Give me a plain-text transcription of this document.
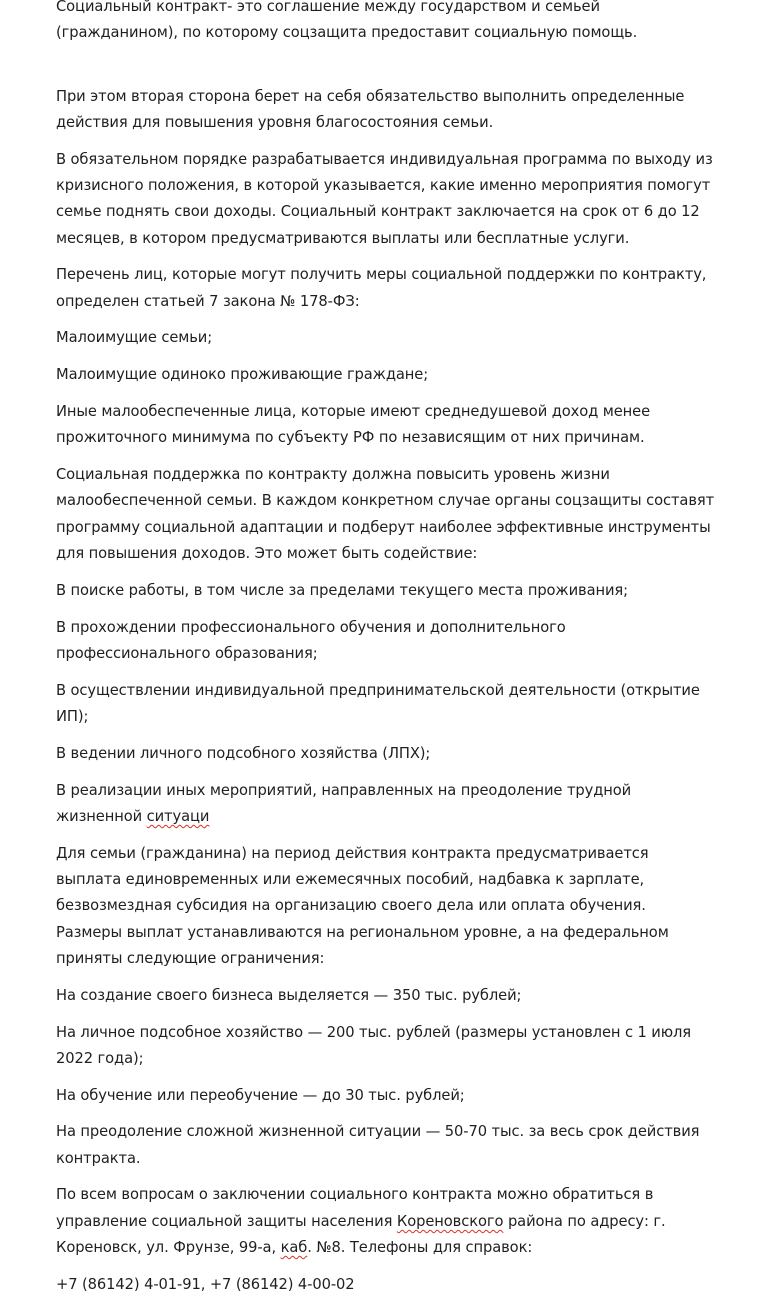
Социальный контракт- это соглашение между государством и семьей (гражданином), по которому соцзащита предоставит социальную помощь.

При этом вторая сторона берет на себя обязательство выполнить определенные действия для повышения уровня благосостояния семьи.

В обязательном порядке разрабатывается индивидуальная программа по выходу из кризисного положения, в которой указывается, какие именно мероприятия помогут семье поднять свои доходы. Социальный контракт заключается на срок от 6 до 12 месяцев, в котором предусматриваются выплаты или бесплатные услуги.

Перечень лиц, которые могут получить меры социальной поддержки по контракту, определен статьей 7 закона № 178-ФЗ:

Малоимущие семьи;

Малоимущие одиноко проживающие граждане;

Иные малообеспеченные лица, которые имеют среднедушевой доход менее прожиточного минимума по субъекту РФ по независящим от них причинам.

Социальная поддержка по контракту должна повысить уровень жизни малообеспеченной семьи. В каждом конкретном случае органы соцзащиты составят программу социальной адаптации и подберут наиболее эффективные инструменты для повышения доходов. Это может быть содействие:

В поиске работы, в том числе за пределами текущего места проживания;

В прохождении профессионального обучения и дополнительного профессионального образования;

В осуществлении индивидуальной предпринимательской деятельности (открытие ИП);

В ведении личного подсобного хозяйства (ЛПХ);

В реализации иных мероприятий, направленных на преодоление трудной жизненной ситуаци

Для семьи (гражданина) на период действия контракта предусматривается выплата единовременных или ежемесячных пособий, надбавка к зарплате, безвозмездная субсидия на организацию своего дела или оплата обучения. Размеры выплат устанавливаются на региональном уровне, а на федеральном приняты следующие ограничения:

На создание своего бизнеса выделяется — 350 тыс. рублей;

На личное подсобное хозяйство — 200 тыс. рублей (размеры установлен с 1 июля 2022 года);

На обучение или переобучение — до 30 тыс. рублей;

На преодоление сложной жизненной ситуации — 50-70 тыс. за весь срок действия контракта.

По всем вопросам о заключении социального контракта можно обратиться в управление социальной защиты населения Кореновского района по адресу: г. Кореновск, ул. Фрунзе, 99-а, каб. №8. Телефоны для справок:

+7 (86142) 4-01-91, +7 (86142) 4-00-02
